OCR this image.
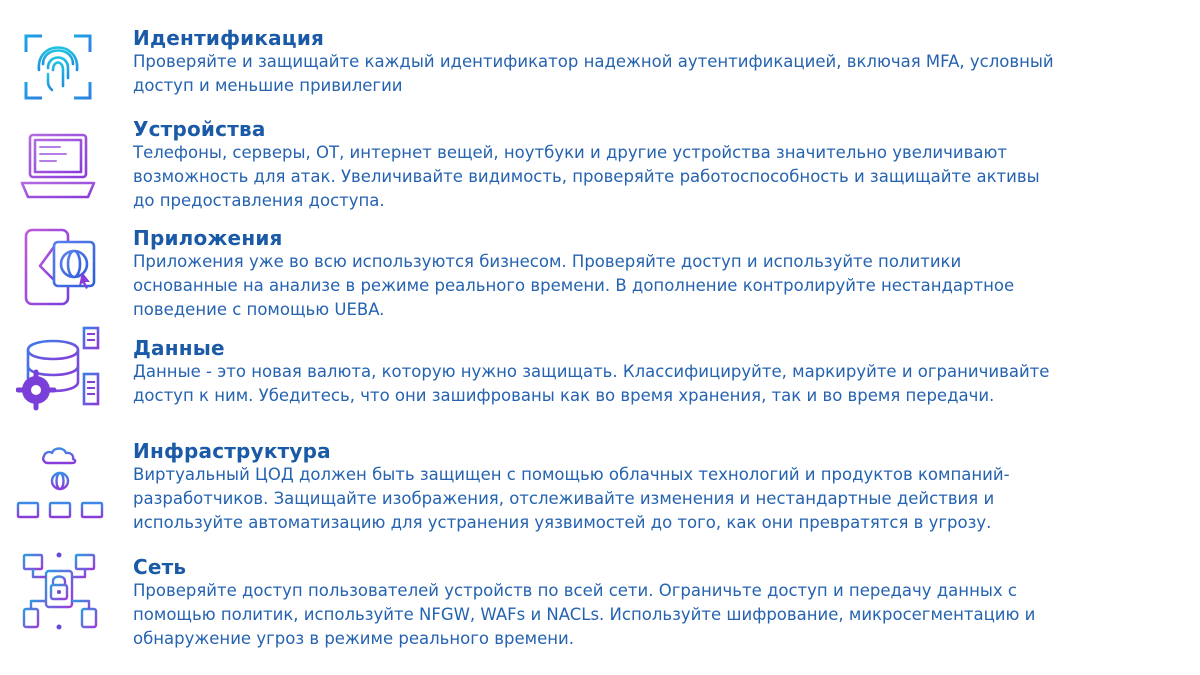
Идентификация

Проверяйте и защищайте каждый идентификатор надежной аутентификацией, включая MFA, условный
доступ и меньшие привилегии

Устройства

Телефоны, серверы, ОТ, интернет вещей, ноутбуки и другие устройства значительно увеличивают
возможность для атак. Увеличивайте видимость, проверяйте работоспособность и защищайте активы
до предоставления доступа.

Приложения

Приложения уже во всю используются бизнесом. Проверяйте доступ и используйте политики
основанные на анализе в режиме реального времени. В дополнение контролируйте нестандартное
поведение с помощью UEBA.

Данные

Данные - это новая валюта, которую нужно защищать. Классифицируйте, маркируйте и ограничивайте
доступ к ним. Убедитесь, что они зашифрованы как во время хранения, так и во время передачи.

Инфраструктура

Виртуальный ЦОД должен быть защищен с помощью облачных технологий и продуктов компаний-
разработчиков. Защищайте изображения, отслеживайте изменения и нестандартные действия и
используйте автоматизацию для устранения уязвимостей до того, как они превратятся в угрозу.

Сеть

Проверяйте доступ пользователей устройств по всей сети. Ограничьте доступ и передачу данных с
помощью политик, используйте NFGW, WAFs и NACLs. Используйте шифрование, микросегментацию и
обнаружение угроз в режиме реального времени.
